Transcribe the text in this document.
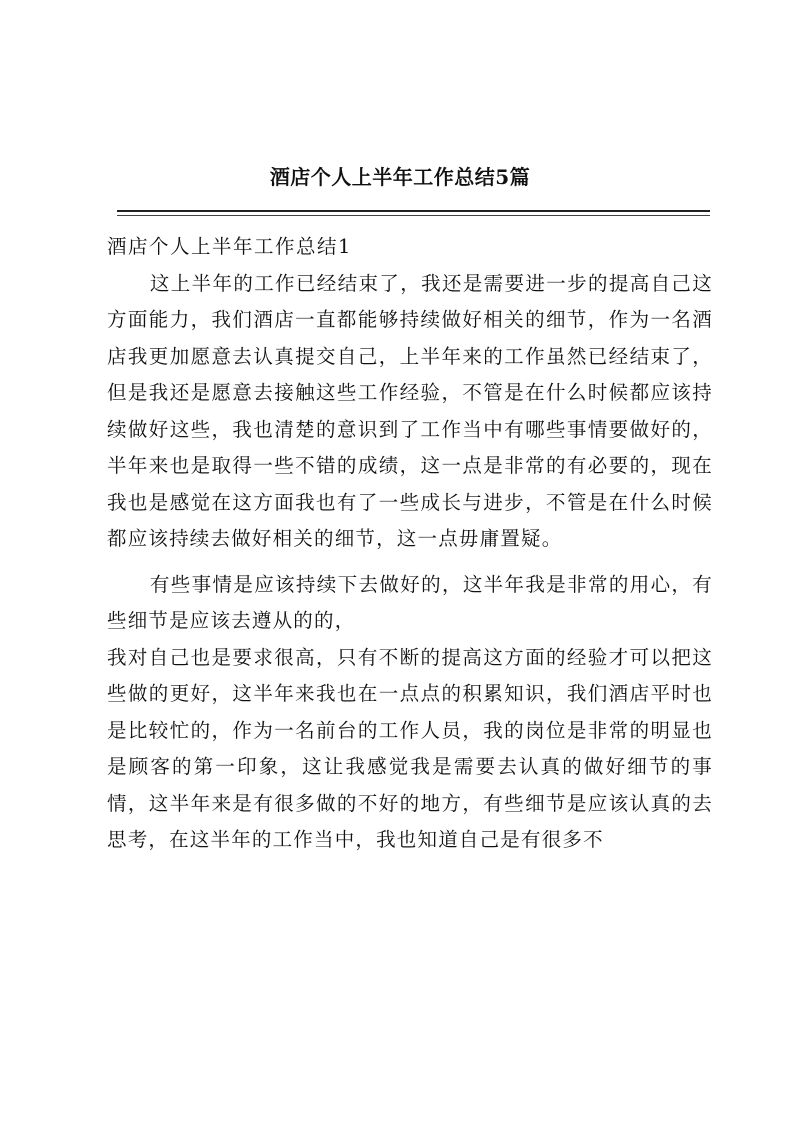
酒店个人上半年工作总结5篇

酒店个人上半年工作总结1

这上半年的工作已经结束了，我还是需要进一步的提高自己这方面能力，我们酒店一直都能够持续做好相关的细节，作为一名酒店我更加愿意去认真提交自己，上半年来的工作虽然已经结束了，但是我还是愿意去接触这些工作经验，不管是在什么时候都应该持续做好这些，我也清楚的意识到了工作当中有哪些事情要做好的，半年来也是取得一些不错的成绩，这一点是非常的有必要的，现在我也是感觉在这方面我也有了一些成长与进步，不管是在什么时候都应该持续去做好相关的细节，这一点毋庸置疑。

有些事情是应该持续下去做好的，这半年我是非常的用心，有些细节是应该去遵从的的，

我对自己也是要求很高，只有不断的提高这方面的经验才可以把这些做的更好，这半年来我也在一点点的积累知识，我们酒店平时也是比较忙的，作为一名前台的工作人员，我的岗位是非常的明显也是顾客的第一印象，这让我感觉我是需要去认真的做好细节的事情，这半年来是有很多做的不好的地方，有些细节是应该认真的去思考，在这半年的工作当中，我也知道自己是有很多不
